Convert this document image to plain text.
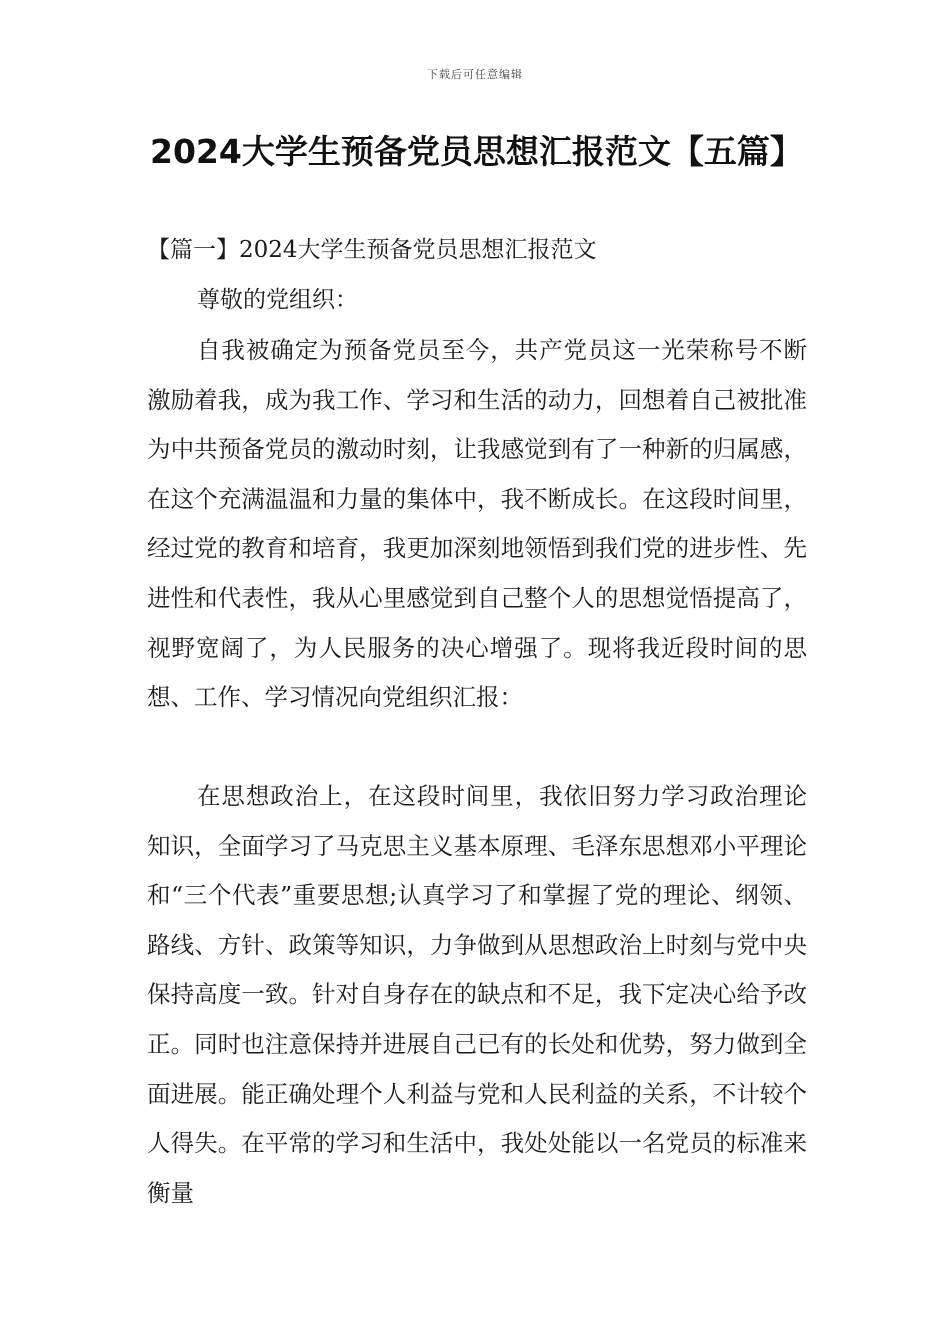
下载后可任意编辑
2024大学生预备党员思想汇报范文【五篇】
【篇一】2024大学生预备党员思想汇报范文
尊敬的党组织：

自我被确定为预备党员至今，共产党员这一光荣称号不断激励着我，成为我工作、学习和生活的动力，回想着自己被批准为中共预备党员的激动时刻，让我感觉到有了一种新的归属感，在这个充满温温和力量的集体中，我不断成长。在这段时间里，经过党的教育和培育，我更加深刻地领悟到我们党的进步性、先进性和代表性，我从心里感觉到自己整个人的思想觉悟提高了，视野宽阔了，为人民服务的决心增强了。现将我近段时间的思想、工作、学习情况向党组织汇报：

在思想政治上，在这段时间里，我依旧努力学习政治理论知识，全面学习了马克思主义基本原理、毛泽东思想邓小平理论和“三个代表”重要思想;认真学习了和掌握了党的理论、纲领、路线、方针、政策等知识，力争做到从思想政治上时刻与党中央保持高度一致。针对自身存在的缺点和不足，我下定决心给予改正。同时也注意保持并进展自己已有的长处和优势，努力做到全面进展。能正确处理个人利益与党和人民利益的关系，不计较个人得失。在平常的学习和生活中，我处处能以一名党员的标准来衡量
